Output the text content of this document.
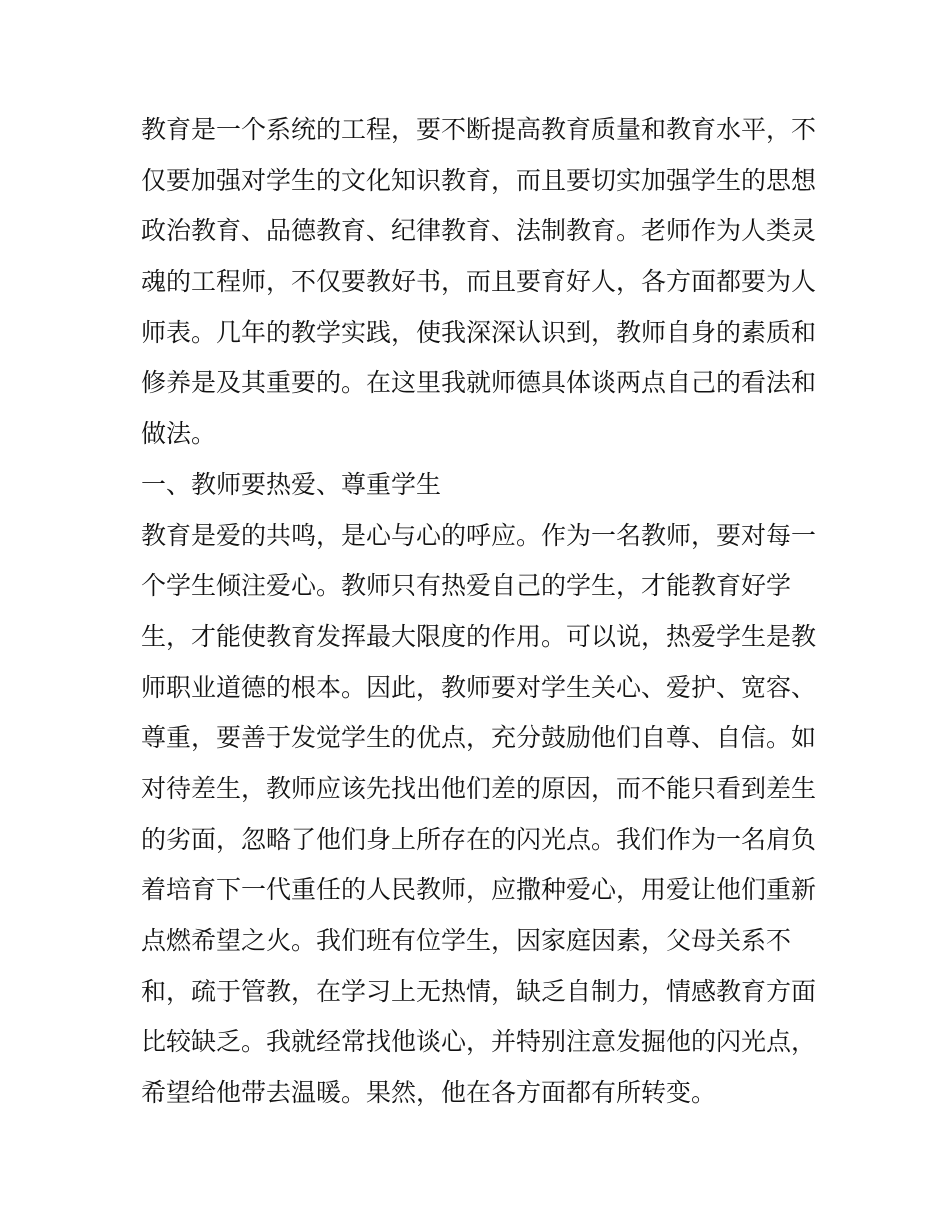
教育是一个系统的工程，要不断提高教育质量和教育水平，不
仅要加强对学生的文化知识教育，而且要切实加强学生的思想
政治教育、品德教育、纪律教育、法制教育。老师作为人类灵
魂的工程师，不仅要教好书，而且要育好人，各方面都要为人
师表。几年的教学实践，使我深深认识到，教师自身的素质和
修养是及其重要的。在这里我就师德具体谈两点自己的看法和
做法。
一、教师要热爱、尊重学生
教育是爱的共鸣，是心与心的呼应。作为一名教师，要对每一
个学生倾注爱心。教师只有热爱自己的学生，才能教育好学
生，才能使教育发挥最大限度的作用。可以说，热爱学生是教
师职业道德的根本。因此，教师要对学生关心、爱护、宽容、
尊重，要善于发觉学生的优点，充分鼓励他们自尊、自信。如
对待差生，教师应该先找出他们差的原因，而不能只看到差生
的劣面，忽略了他们身上所存在的闪光点。我们作为一名肩负
着培育下一代重任的人民教师，应撒种爱心，用爱让他们重新
点燃希望之火。我们班有位学生，因家庭因素，父母关系不
和，疏于管教，在学习上无热情，缺乏自制力，情感教育方面
比较缺乏。我就经常找他谈心，并特别注意发掘他的闪光点，
希望给他带去温暖。果然，他在各方面都有所转变。
